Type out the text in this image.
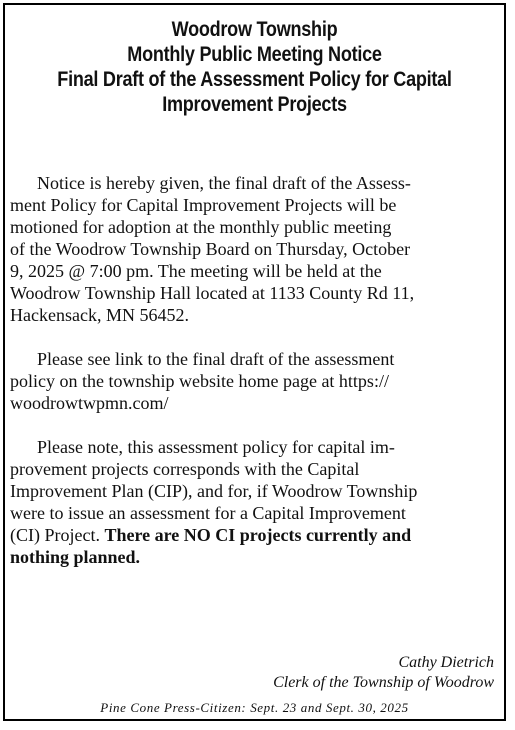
Woodrow Township
Monthly Public Meeting Notice
Final Draft of the Assessment Policy for Capital
Improvement Projects
Notice is hereby given, the final draft of the Assess-
ment Policy for Capital Improvement Projects will be
motioned for adoption at the monthly public meeting
of the Woodrow Township Board on Thursday, October
9, 2025 @ 7:00 pm. The meeting will be held at the
Woodrow Township Hall located at 1133 County Rd 11,
Hackensack, MN 56452.
Please see link to the final draft of the assessment
policy on the township website home page at https://
woodrowtwpmn.com/
Please note, this assessment policy for capital im-
provement projects corresponds with the Capital
Improvement Plan (CIP), and for, if Woodrow Township
were to issue an assessment for a Capital Improvement
(CI) Project. There are NO CI projects currently and
nothing planned.
Cathy Dietrich
Clerk of the Township of Woodrow
Pine Cone Press-Citizen: Sept. 23 and Sept. 30, 2025
